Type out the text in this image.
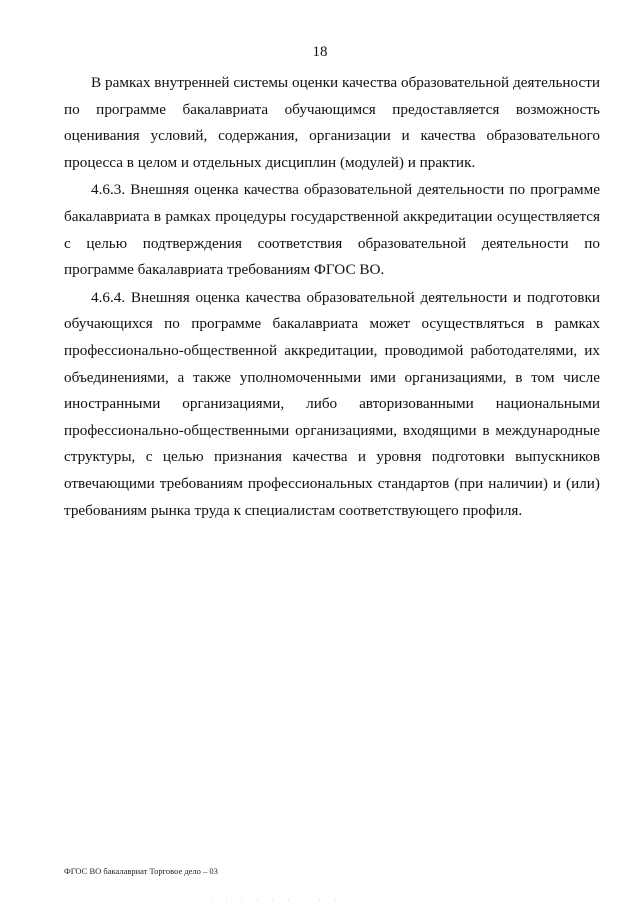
18

В рамках внутренней системы оценки качества образовательной деятельности по программе бакалавриата обучающимся предоставляется возможность оценивания условий, содержания, организации и качества образовательного процесса в целом и отдельных дисциплин (модулей) и практик.

4.6.3. Внешняя оценка качества образовательной деятельности по программе бакалавриата в рамках процедуры государственной аккредитации осуществляется с целью подтверждения соответствия образовательной деятельности по программе бакалавриата требованиям ФГОС ВО.

4.6.4. Внешняя оценка качества образовательной деятельности и подготовки обучающихся по программе бакалавриата может осуществляться в рамках профессионально-общественной аккредитации, проводимой работодателями, их объединениями, а также уполномоченными ими организациями, в том числе иностранными организациями, либо авторизованными национальными профессионально-общественными организациями, входящими в международные структуры, с целью признания качества и уровня подготовки выпускников отвечающими требованиям профессиональных стандартов (при наличии) и (или) требованиям рынка труда к специалистам соответствующего профиля.

ФГОС ВО бакалавриат Торговое дело – 03
· · · · · · · · ·
